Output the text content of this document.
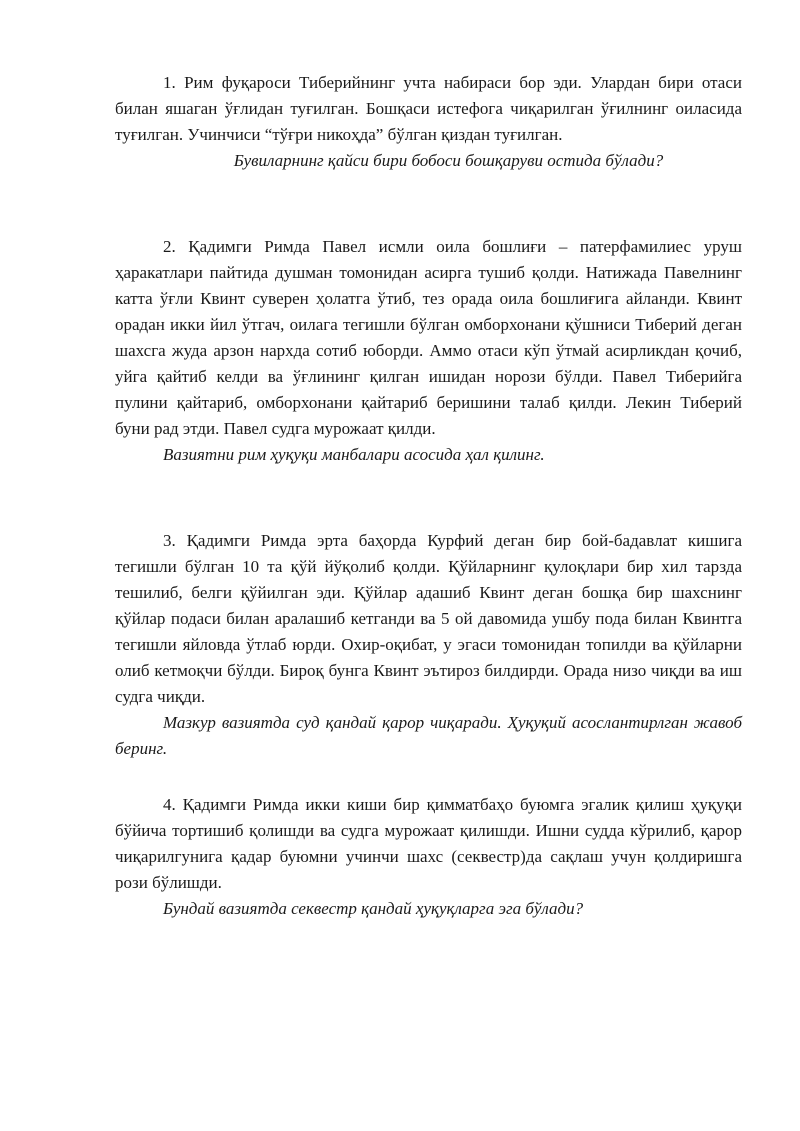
1. Рим фуқароси Тиберийнинг учта набираси бор эди. Улардан бири отаси билан яшаган ўғлидан туғилган. Бошқаси истефога чиқарилган ўғилнинг оиласида туғилган. Учинчиси “тўғри никоҳда” бўлган қиздан туғилган.

Бувиларнинг қайси бири бобоси бошқаруви остида бўлади?

2. Қадимги Римда Павел исмли оила бошлиғи – патерфамилиес уруш ҳаракатлари пайтида душман томонидан асирга тушиб қолди. Натижада Павелнинг катта ўғли Квинт суверен ҳолатга ўтиб, тез орада оила бошлиғига айланди. Квинт орадан икки йил ўтгач, оилага тегишли бўлган омборхонани қўшниси Тиберий деган шахсга жуда арзон нархда сотиб юборди. Аммо отаси кўп ўтмай асирликдан қочиб, уйга қайтиб келди ва ўғлининг қилган ишидан норози бўлди. Павел Тиберийга пулини қайтариб, омборхонани қайтариб беришини талаб қилди. Лекин Тиберий буни рад этди. Павел судга мурожаат қилди.

Вазиятни рим ҳуқуқи манбалари асосида ҳал қилинг.

3. Қадимги Римда эрта баҳорда Курфий деган бир бой-бадавлат кишига тегишли бўлган 10 та қўй йўқолиб қолди. Қўйларнинг қулоқлари бир хил тарзда тешилиб, белги қўйилган эди. Қўйлар адашиб Квинт деган бошқа бир шахснинг қўйлар подаси билан аралашиб кетганди ва 5 ой давомида ушбу пода билан Квинтга тегишли яйловда ўтлаб юрди. Охир-оқибат, у эгаси томонидан топилди ва қўйларни олиб кетмоқчи бўлди. Бироқ бунга Квинт эътироз билдирди. Орада низо чиқди ва иш судга чиқди.

Мазкур вазиятда суд қандай қарор чиқаради. Ҳуқуқий асослантирлган жавоб беринг.

4. Қадимги Римда икки киши бир қимматбаҳо буюмга эгалик қилиш ҳуқуқи бўйича тортишиб қолишди ва судга мурожаат қилишди. Ишни судда кўрилиб, қарор чиқарилгунига қадар буюмни учинчи шахс (секвестр)да сақлаш учун қолдиришга рози бўлишди.

Бундай вазиятда секвестр қандай ҳуқуқларга эга бўлади?
